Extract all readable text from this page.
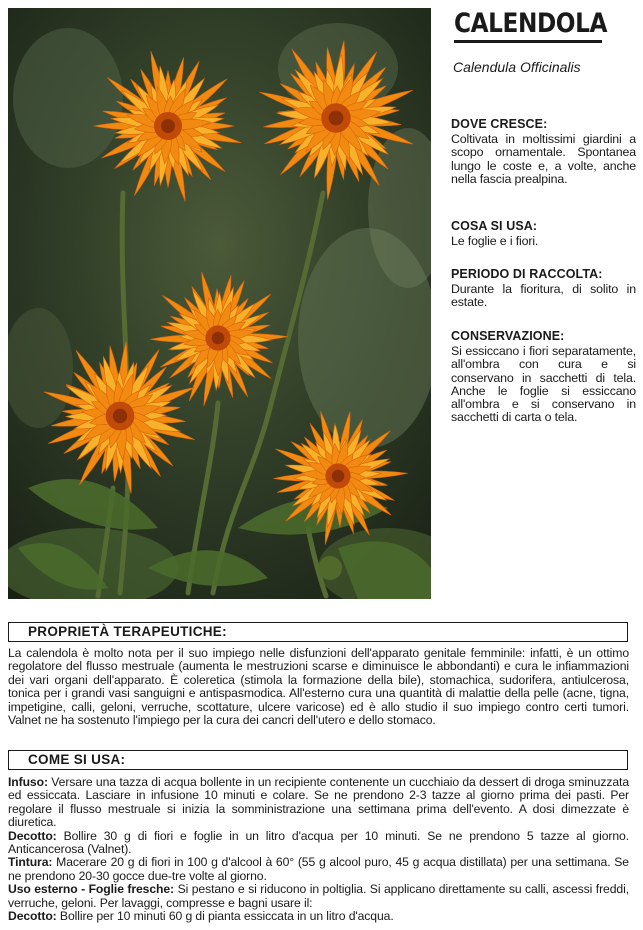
CALENDOLA
Calendula Officinalis
DOVE CRESCE:

Coltivata in moltissimi giardini a scopo ornamentale. Spontanea lungo le coste e, a volte, anche nella fascia prealpina.

COSA SI USA:

Le foglie e i fiori.

PERIODO DI RACCOLTA:

Durante la fioritura, di solito in estate.

CONSERVAZIONE:

Si essiccano i fiori separatamente, all'ombra con cura e si conservano in sacchetti di tela. Anche le foglie si essiccano all'ombra e si conservano in sacchetti di carta o tela.

PROPRIETÀ TERAPEUTICHE:

La calendola è molto nota per il suo impiego nelle disfunzioni dell'apparato genitale femminile: infatti, è un ottimo regolatore del flusso mestruale (aumenta le mestruzioni scarse e diminuisce le abbondanti) e cura le infiammazioni dei vari organi dell'apparato. È coleretica (stimola la formazione della bile), stomachica, sudorifera, antiulcerosa, tonica per i grandi vasi sanguigni e antispasmodica. All'esterno cura una quantità di malattie della pelle (acne, tigna, impetigine, calli, geloni, verruche, scottature, ulcere varicose) ed è allo studio il suo impiego contro certi tumori. Valnet ne ha sostenuto l'impiego per la cura dei cancri dell'utero e dello stomaco.

COME SI USA:

Infuso: Versare una tazza di acqua bollente in un recipiente contenente un cucchiaio da dessert di droga sminuzzata ed essiccata. Lasciare in infusione 10 minuti e colare. Se ne prendono 2-3 tazze al giorno prima dei pasti. Per regolare il flusso mestruale si inizia la somministrazione una settimana prima dell'evento. A dosi dimezzate è diuretica.

Decotto: Bollire 30 g di fiori e foglie in un litro d'acqua per 10 minuti. Se ne prendono 5 tazze al giorno. Anticancerosa (Valnet).

Tintura: Macerare 20 g di fiori in 100 g d'alcool à 60° (55 g alcool puro, 45 g acqua distillata) per una settimana. Se ne prendono 20-30 gocce due-tre volte al giorno.

Uso esterno - Foglie fresche: Si pestano e si riducono in poltiglia. Si applicano direttamente su calli, ascessi freddi, verruche, geloni. Per lavaggi, compresse e bagni usare il:

Decotto: Bollire per 10 minuti 60 g di pianta essiccata in un litro d'acqua.
